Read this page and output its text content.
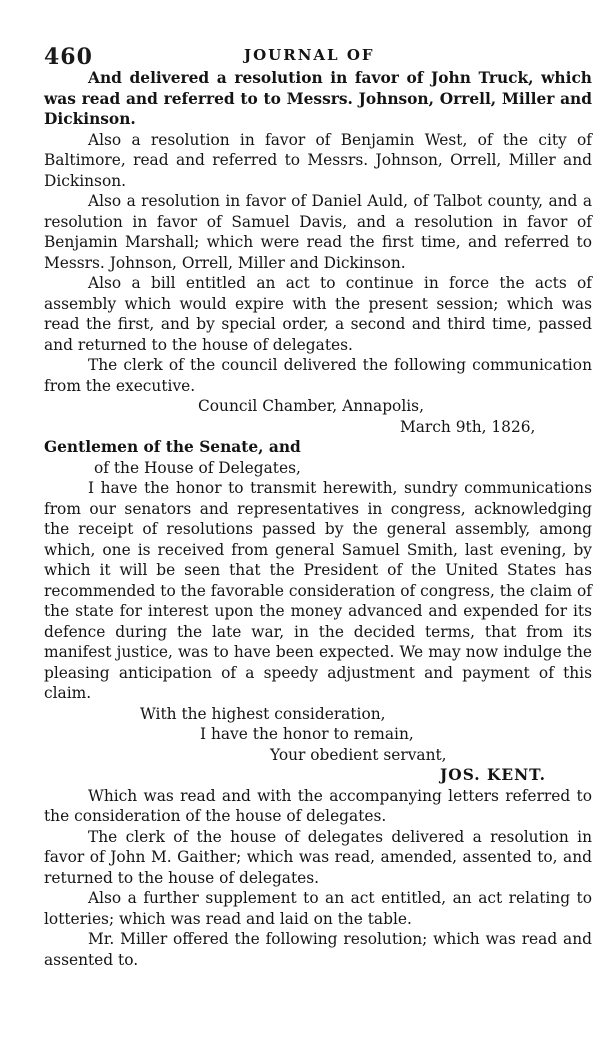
460	JOURNAL OF

And delivered a resolution in favor of John Truck, which was read and referred to to Messrs. Johnson, Orrell, Miller and Dickinson.

Also a resolution in favor of Benjamin West, of the city of Baltimore, read and referred to Messrs. Johnson, Orrell, Miller and Dickinson.

Also a resolution in favor of Daniel Auld, of Talbot county, and a resolution in favor of Samuel Davis, and a resolution in favor of Benjamin Marshall; which were read the first time, and referred to Messrs. Johnson, Orrell, Miller and Dickinson.

Also a bill entitled an act to continue in force the acts of assembly which would expire with the present session; which was read the first, and by special order, a second and third time, passed and returned to the house of delegates.

The clerk of the council delivered the following communication from the executive.

Council Chamber, Annapolis,

March 9th, 1826,

Gentlemen of the Senate, and

of the House of Delegates,

I have the honor to transmit herewith, sundry communications from our senators and representatives in congress, acknowledging the receipt of resolutions passed by the general assembly, among which, one is received from general Samuel Smith, last evening, by which it will be seen that the President of the United States has recommended to the favorable consideration of congress, the claim of the state for interest upon the money advanced and expended for its defence during the late war, in the decided terms, that from its manifest justice, was to have been expected. We may now indulge the pleasing anticipation of a speedy adjustment and payment of this claim.

With the highest consideration,

I have the honor to remain,

Your obedient servant,

JOS. KENT.

Which was read and with the accompanying letters referred to the consideration of the house of delegates.

The clerk of the house of delegates delivered a resolution in favor of John M. Gaither; which was read, amended, assented to, and returned to the house of delegates.

Also a further supplement to an act entitled, an act relating to lotteries; which was read and laid on the table.

Mr. Miller offered the following resolution; which was read and assented to.
